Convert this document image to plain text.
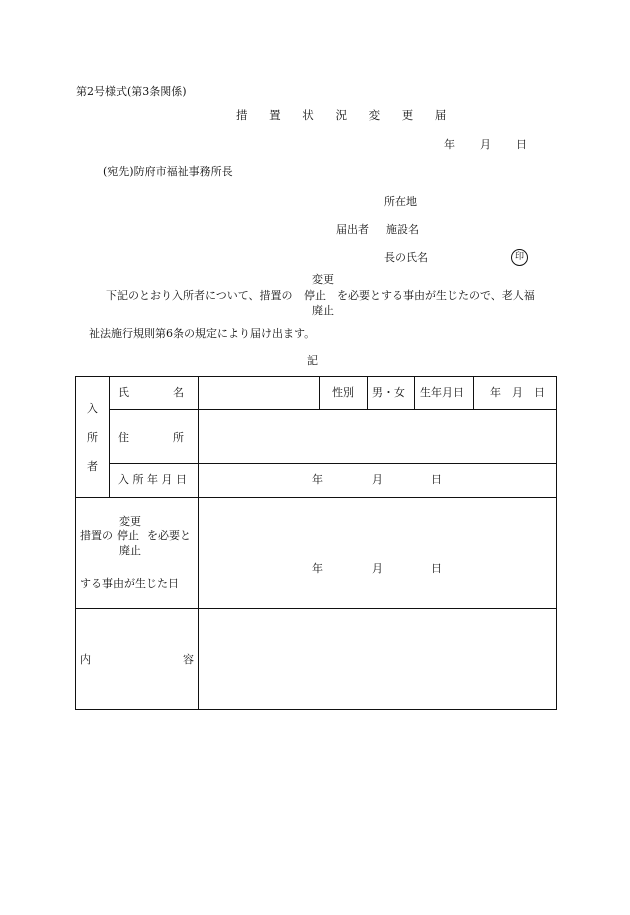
第2号様式(第3条関係)
措 置 状 況 変 更 届
年 月 日
(宛先)防府市福祉事務所長
所在地
届出者 施設名
長の氏名	印
変更
下記のとおり入所者について、措置の 停止 を必要とする事由が生じたので、老人福
廃止
祉法施行規則第6条の規定により届け出ます。
記
入
所
者
氏　　　　名	性別 男・女 生年月日 年　月　日
住　　　　所
入 所 年 月 日	年	月	日
変更
措置の 停止 を必要と
廃止
する事由が生じた日
年	月	日
内	容
